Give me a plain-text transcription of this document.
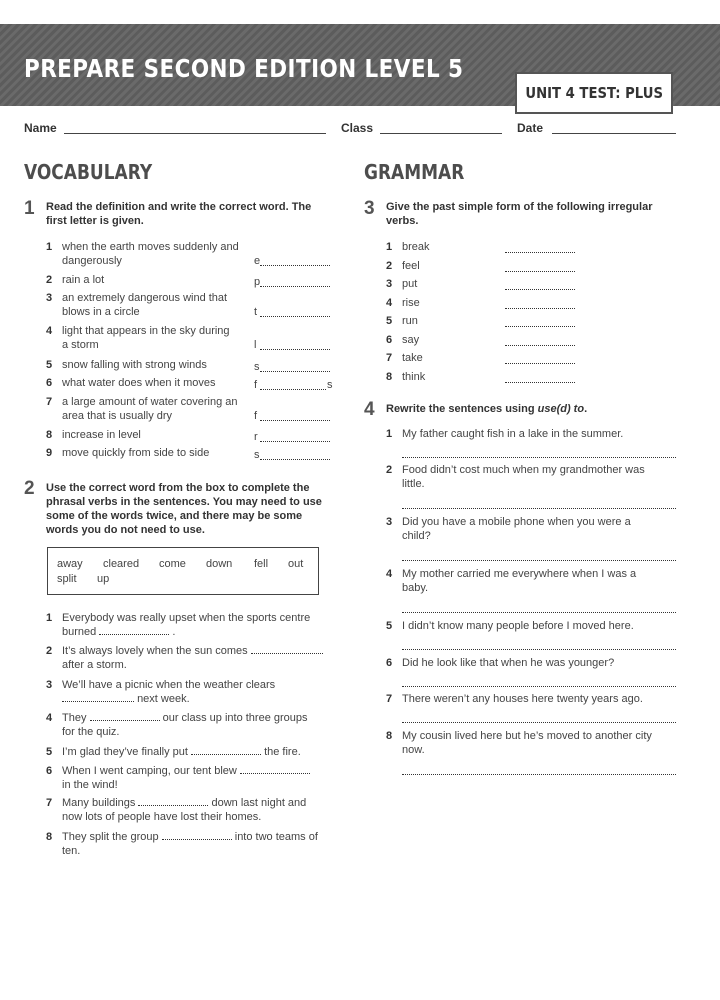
PREPARE SECOND EDITION LEVEL 5
UNIT 4 TEST: PLUS
Name	Class	Date
VOCABULARY	GRAMMAR
1 Read the definition and write the correct word. The
first letter is given.
1 when the earth moves suddenly and
dangerously	e
2 rain a lot	p
3 an extremely dangerous wind that
blows in a circle	t
4 light that appears in the sky during
a storm	l
5 snow falling with strong winds	s
6 what water does when it moves	f	s
7 a large amount of water covering an
area that is usually dry	f
8 increase in level	r
9 move quickly from side to side	s
2 Use the correct word from the box to complete the
phrasal verbs in the sentences. You may need to use
some of the words twice, and there may be some
words you do not need to use.
away cleared come down fell out
split up
1 Everybody was really upset when the sports centre
burned	.
2 It’s always lovely when the sun comes
after a storm.
3 We’ll have a picnic when the weather clears
next week.
4 They	our class up into three groups
for the quiz.
5 I’m glad they’ve finally put	the fire.
6 When I went camping, our tent blew
in the wind!
7 Many buildings	down last night and
now lots of people have lost their homes.
8 They split the group	into two teams of
ten.
3 Give the past simple form of the following irregular
verbs.
1 break
2 feel
3 put
4 rise
5 run
6 say
7 take
8 think
4 Rewrite the sentences using use(d) to.
1 My father caught fish in a lake in the summer.
2 Food didn’t cost much when my grandmother was
little.
3 Did you have a mobile phone when you were a
child?
4 My mother carried me everywhere when I was a
baby.
5 I didn’t know many people before I moved here.
6 Did he look like that when he was younger?
7 There weren’t any houses here twenty years ago.
8 My cousin lived here but he’s moved to another city
now.
